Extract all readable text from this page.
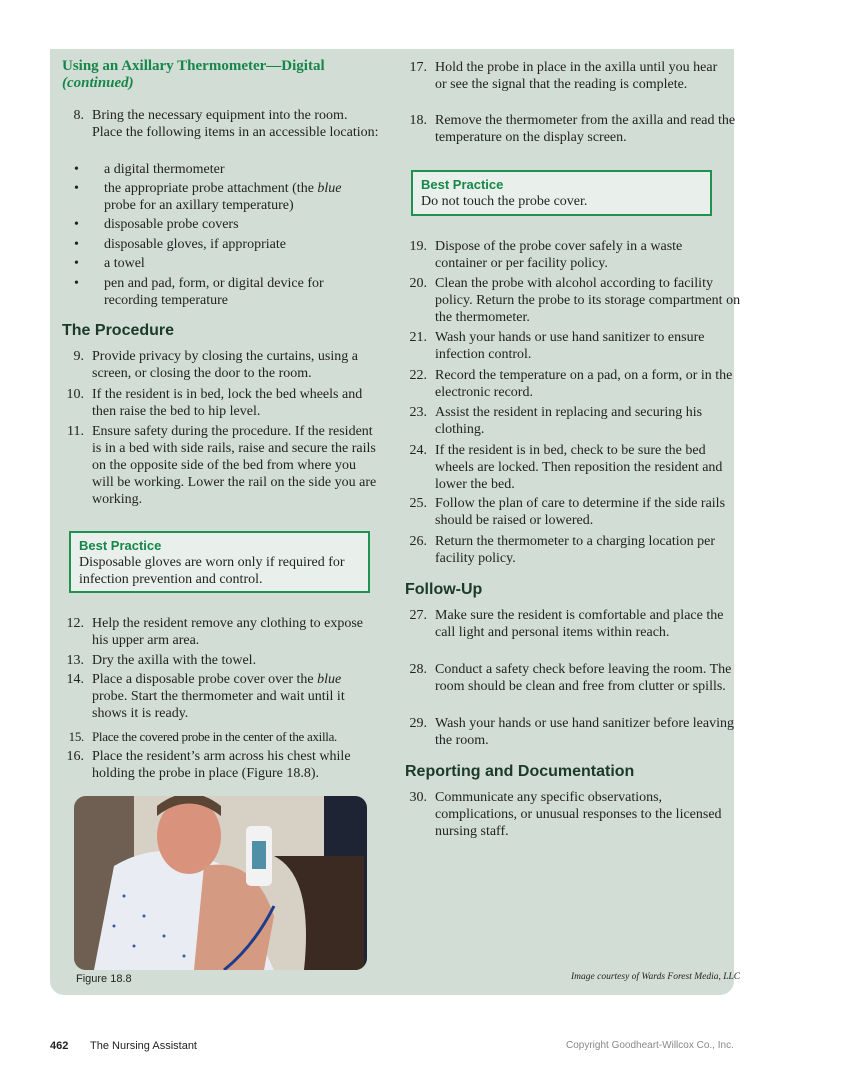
Using an Axillary Thermometer—Digital
(continued)
8. Bring the necessary equipment into the room. Place the following items in an accessible location:
• a digital thermometer
• the appropriate probe attachment (the blue probe for an axillary temperature)
• disposable probe covers
• disposable gloves, if appropriate
• a towel
• pen and pad, form, or digital device for recording temperature
The Procedure
9. Provide privacy by closing the curtains, using a screen, or closing the door to the room.
10. If the resident is in bed, lock the bed wheels and then raise the bed to hip level.
11. Ensure safety during the procedure. If the resident is in a bed with side rails, raise and secure the rails on the opposite side of the bed from where you will be working. Lower the rail on the side you are working.
Best Practice
Disposable gloves are worn only if required for infection prevention and control.
12. Help the resident remove any clothing to expose his upper arm area.
13. Dry the axilla with the towel.
14. Place a disposable probe cover over the blue probe. Start the thermometer and wait until it shows it is ready.
15. Place the covered probe in the center of the axilla.
16. Place the resident’s arm across his chest while holding the probe in place (Figure 18.8).
Figure 18.8	Image courtesy of Wards Forest Media, LLC
17. Hold the probe in place in the axilla until you hear or see the signal that the reading is complete.
18. Remove the thermometer from the axilla and read the temperature on the display screen.
Best Practice
Do not touch the probe cover.
19. Dispose of the probe cover safely in a waste container or per facility policy.
20. Clean the probe with alcohol according to facility policy. Return the probe to its storage compartment on the thermometer.
21. Wash your hands or use hand sanitizer to ensure infection control.
22. Record the temperature on a pad, on a form, or in the electronic record.
23. Assist the resident in replacing and securing his clothing.
24. If the resident is in bed, check to be sure the bed wheels are locked. Then reposition the resident and lower the bed.
25. Follow the plan of care to determine if the side rails should be raised or lowered.
26. Return the thermometer to a charging location per facility policy.
Follow-Up
27. Make sure the resident is comfortable and place the call light and personal items within reach.
28. Conduct a safety check before leaving the room. The room should be clean and free from clutter or spills.
29. Wash your hands or use hand sanitizer before leaving the room.
Reporting and Documentation
30. Communicate any specific observations, complications, or unusual responses to the licensed nursing staff.
462 The Nursing Assistant	Copyright Goodheart-Willcox Co., Inc.
